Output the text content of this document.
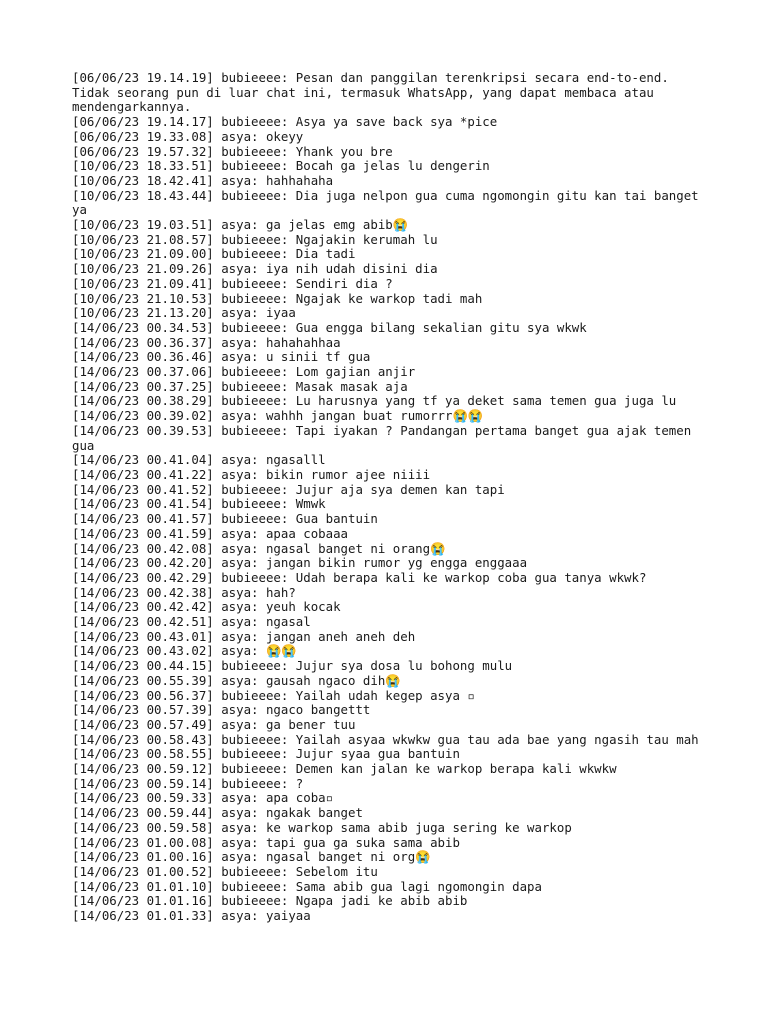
[06/06/23 19.14.19] bubieeee: Pesan dan panggilan terenkripsi secara end-to-end. Tidak seorang pun di luar chat ini, termasuk WhatsApp, yang dapat membaca atau mendengarkannya.

[06/06/23 19.14.17] bubieeee: Asya ya save back sya *pice

[06/06/23 19.33.08] asya: okeyy

[06/06/23 19.57.32] bubieeee: Yhank you bre

[10/06/23 18.33.51] bubieeee: Bocah ga jelas lu dengerin

[10/06/23 18.42.41] asya: hahhahaha

[10/06/23 18.43.44] bubieeee: Dia juga nelpon gua cuma ngomongin gitu kan tai banget ya

[10/06/23 19.03.51] asya: ga jelas emg abib😭

[10/06/23 21.08.57] bubieeee: Ngajakin kerumah lu

[10/06/23 21.09.00] bubieeee: Dia tadi

[10/06/23 21.09.26] asya: iya nih udah disini dia

[10/06/23 21.09.41] bubieeee: Sendiri dia ?

[10/06/23 21.10.53] bubieeee: Ngajak ke warkop tadi mah

[10/06/23 21.13.20] asya: iyaa

[14/06/23 00.34.53] bubieeee: Gua engga bilang sekalian gitu sya wkwk

[14/06/23 00.36.37] asya: hahahahhaa

[14/06/23 00.36.46] asya: u sinii tf gua

[14/06/23 00.37.06] bubieeee: Lom gajian anjir

[14/06/23 00.37.25] bubieeee: Masak masak aja

[14/06/23 00.38.29] bubieeee: Lu harusnya yang tf ya deket sama temen gua juga lu

[14/06/23 00.39.02] asya: wahhh jangan buat rumorrr😭😭

[14/06/23 00.39.53] bubieeee: Tapi iyakan ? Pandangan pertama banget gua ajak temen gua

[14/06/23 00.41.04] asya: ngasalll

[14/06/23 00.41.22] asya: bikin rumor ajee niiii

[14/06/23 00.41.52] bubieeee: Jujur aja sya demen kan tapi

[14/06/23 00.41.54] bubieeee: Wmwk

[14/06/23 00.41.57] bubieeee: Gua bantuin

[14/06/23 00.41.59] asya: apaa cobaaa

[14/06/23 00.42.08] asya: ngasal banget ni orang😭

[14/06/23 00.42.20] asya: jangan bikin rumor yg engga enggaaa

[14/06/23 00.42.29] bubieeee: Udah berapa kali ke warkop coba gua tanya wkwk?

[14/06/23 00.42.38] asya: hah?

[14/06/23 00.42.42] asya: yeuh kocak

[14/06/23 00.42.51] asya: ngasal

[14/06/23 00.43.01] asya: jangan aneh aneh deh

[14/06/23 00.43.02] asya: 😭😭

[14/06/23 00.44.15] bubieeee: Jujur sya dosa lu bohong mulu

[14/06/23 00.55.39] asya: gausah ngaco dih😭

[14/06/23 00.56.37] bubieeee: Yailah udah kegep asya ▫

[14/06/23 00.57.39] asya: ngaco bangettt

[14/06/23 00.57.49] asya: ga bener tuu

[14/06/23 00.58.43] bubieeee: Yailah asyaa wkwkw gua tau ada bae yang ngasih tau mah

[14/06/23 00.58.55] bubieeee: Jujur syaa gua bantuin

[14/06/23 00.59.12] bubieeee: Demen kan jalan ke warkop berapa kali wkwkw

[14/06/23 00.59.14] bubieeee: ?

[14/06/23 00.59.33] asya: apa coba▫

[14/06/23 00.59.44] asya: ngakak banget

[14/06/23 00.59.58] asya: ke warkop sama abib juga sering ke warkop

[14/06/23 01.00.08] asya: tapi gua ga suka sama abib

[14/06/23 01.00.16] asya: ngasal banget ni org😭

[14/06/23 01.00.52] bubieeee: Sebelom itu

[14/06/23 01.01.10] bubieeee: Sama abib gua lagi ngomongin dapa

[14/06/23 01.01.16] bubieeee: Ngapa jadi ke abib abib

[14/06/23 01.01.33] asya: yaiyaa
